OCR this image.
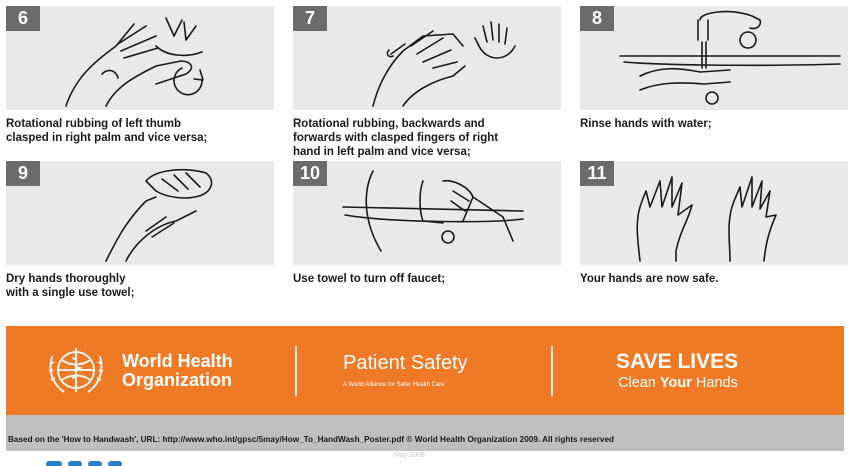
6
Rotational rubbing of left thumb
clasped in right palm and vice versa;
7
Rotational rubbing, backwards and
forwards with clasped fingers of right
hand in left palm and vice versa;
8
Rinse hands with water;
9
Dry hands thoroughly
with a single use towel;
10
Use towel to turn off faucet;
11
Your hands are now safe.
World Health
Organization
Patient Safety
A World Alliance for Safer Health Care
SAVE LIVES
Clean Your Hands
Based on the 'How to Handwash', URL: http://www.who.int/gpsc/5may/How_To_HandWash_Poster.pdf © World Health Organization 2009. All rights reserved
May 2009
